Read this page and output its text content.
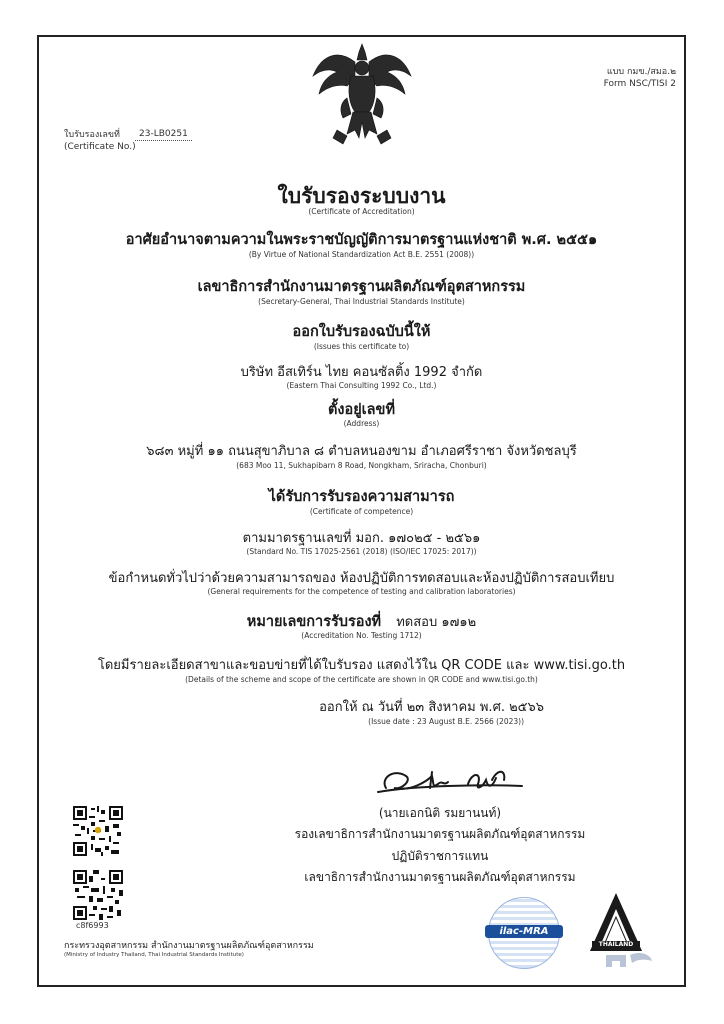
แบบ กมข./สมอ.๒
Form NSC/TISI 2
ใบรับรองเลขที่
(Certificate No.)
23-LB0251
ใบรับรองระบบงาน
(Certificate of Accreditation)
อาศัยอำนาจตามความในพระราชบัญญัติการมาตรฐานแห่งชาติ พ.ศ. ๒๕๕๑
(By Virtue of National Standardization Act B.E. 2551 (2008))
เลขาธิการสำนักงานมาตรฐานผลิตภัณฑ์อุตสาหกรรม
(Secretary-General, Thai Industrial Standards Institute)
ออกใบรับรองฉบับนี้ให้
(Issues this certificate to)
บริษัท อีสเทิร์น ไทย คอนซัลติ้ง 1992 จำกัด
(Eastern Thai Consulting 1992 Co., Ltd.)
ตั้งอยู่เลขที่
(Address)
๖๘๓ หมู่ที่ ๑๑ ถนนสุขาภิบาล ๘ ตำบลหนองขาม อำเภอศรีราชา จังหวัดชลบุรี
(683 Moo 11, Sukhapibarn 8 Road, Nongkham, Sriracha, Chonburi)
ได้รับการรับรองความสามารถ
(Certificate of competence)
ตามมาตรฐานเลขที่ มอก. ๑๗๐๒๕ - ๒๕๖๑
(Standard No. TIS 17025-2561 (2018) (ISO/IEC 17025: 2017))
ข้อกำหนดทั่วไปว่าด้วยความสามารถของ ห้องปฏิบัติการทดสอบและห้องปฏิบัติการสอบเทียบ
(General requirements for the competence of testing and calibration laboratories)
หมายเลขการรับรองที่ ทดสอบ ๑๗๑๒
(Accreditation No. Testing 1712)
โดยมีรายละเอียดสาขาและขอบข่ายที่ได้ใบรับรอง แสดงไว้ใน QR CODE และ www.tisi.go.th
(Details of the scheme and scope of the certificate are shown in QR CODE and www.tisi.go.th)
ออกให้ ณ วันที่ ๒๓ สิงหาคม พ.ศ. ๒๕๖๖
(Issue date : 23 August B.E. 2566 (2023))
(นายเอกนิติ รมยานนท์)
รองเลขาธิการสำนักงานมาตรฐานผลิตภัณฑ์อุตสาหกรรม
ปฏิบัติราชการแทน
เลขาธิการสำนักงานมาตรฐานผลิตภัณฑ์อุตสาหกรรม
c8f6993
กระทรวงอุตสาหกรรม สำนักงานมาตรฐานผลิตภัณฑ์อุตสาหกรรม
(Ministry of Industry Thailand, Thai Industrial Standards Institute)
ilac-MRA
THAILAND
